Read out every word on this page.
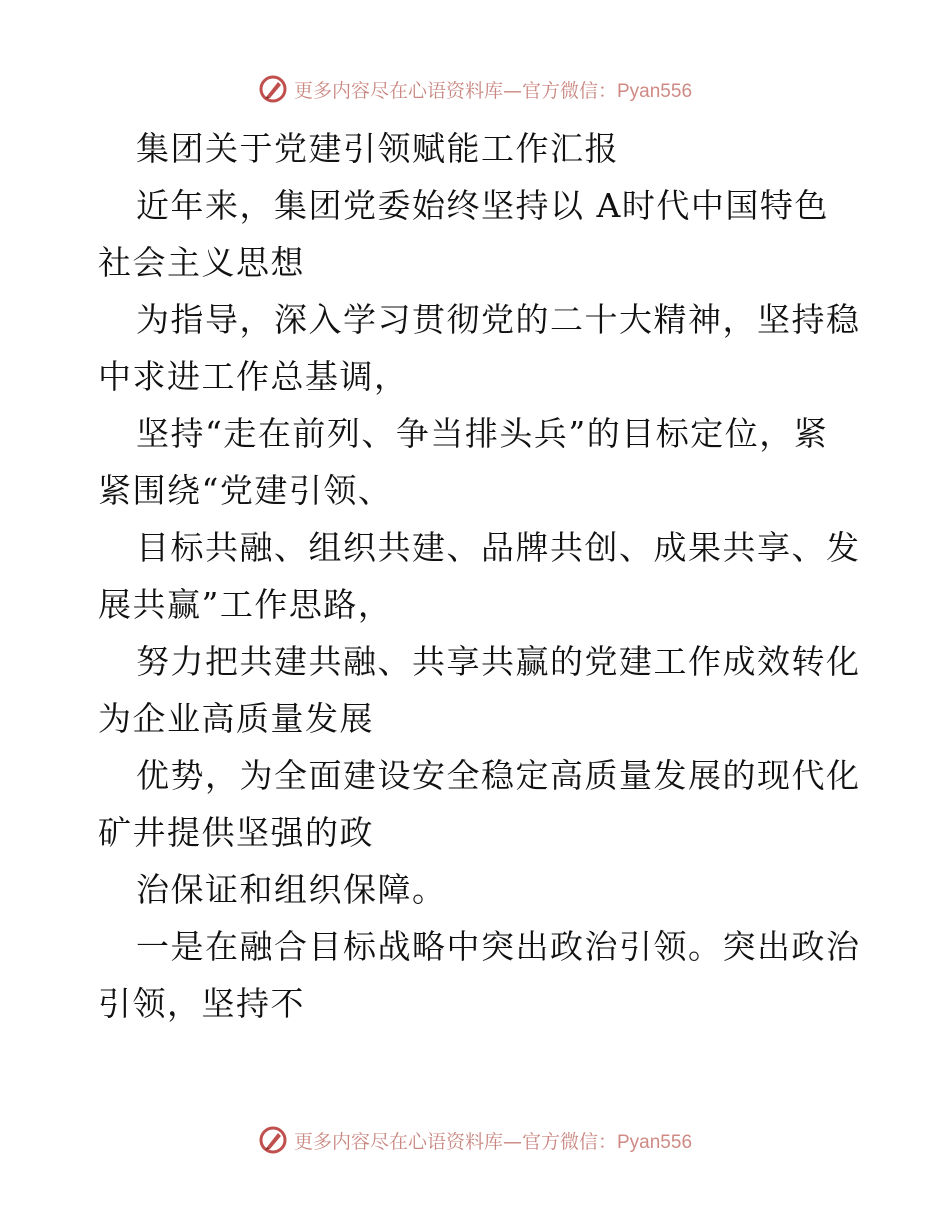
更多内容尽在心语资料库—官方微信：Pyan556
集团关于党建引领赋能工作汇报
近年来，集团党委始终坚持以 A时代中国特色
社会主义思想
为指导，深入学习贯彻党的二十大精神，坚持稳
中求进工作总基调，
坚持“走在前列、争当排头兵”的目标定位，紧
紧围绕“党建引领、
目标共融、组织共建、品牌共创、成果共享、发
展共赢”工作思路，
努力把共建共融、共享共赢的党建工作成效转化
为企业高质量发展
优势，为全面建设安全稳定高质量发展的现代化
矿井提供坚强的政
治保证和组织保障。
一是在融合目标战略中突出政治引领。突出政治
引领，坚持不
更多内容尽在心语资料库—官方微信：Pyan556
